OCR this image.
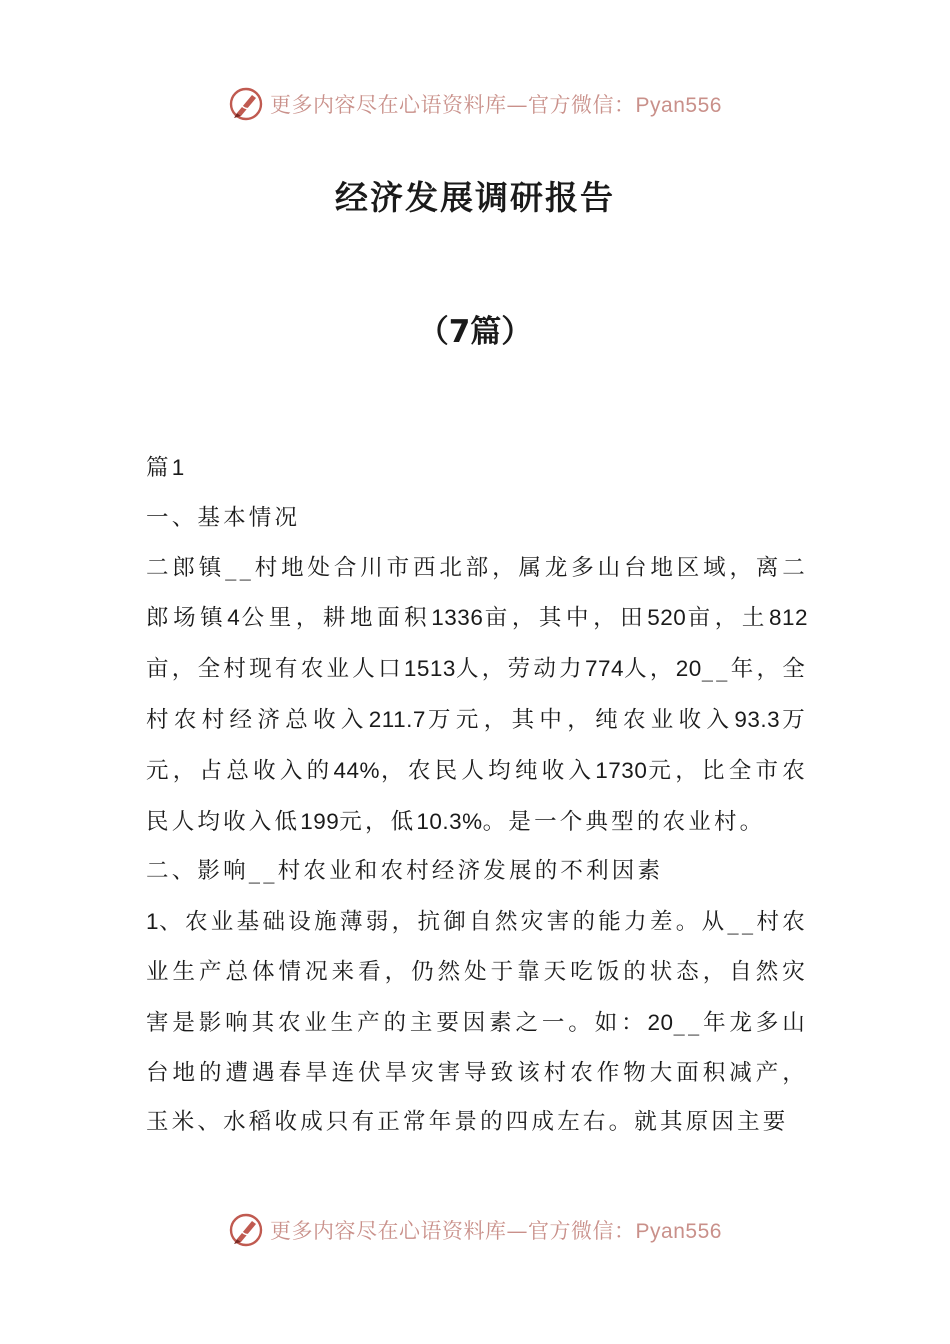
更多内容尽在心语资料库—官方微信：Pyan556
经济发展调研报告
（7篇）

篇1

一、基本情况

二郎镇__村地处合川市西北部，属龙多山台地区域，离二郎场镇4公里，耕地面积1336亩，其中，田520亩，土812亩，全村现有农业人口1513人，劳动力774人，20__年，全村农村经济总收入211.7万元，其中，纯农业收入93.3万元，占总收入的44%，农民人均纯收入1730元，比全市农民人均收入低199元，低10.3%。是一个典型的农业村。

二、影响__村农业和农村经济发展的不利因素

1、农业基础设施薄弱，抗御自然灾害的能力差。从__村农业生产总体情况来看，仍然处于靠天吃饭的状态，自然灾害是影响其农业生产的主要因素之一。如：20__年龙多山台地的遭遇春旱连伏旱灾害导致该村农作物大面积减产，玉米、水稻收成只有正常年景的四成左右。就其原因主要

更多内容尽在心语资料库—官方微信：Pyan556
